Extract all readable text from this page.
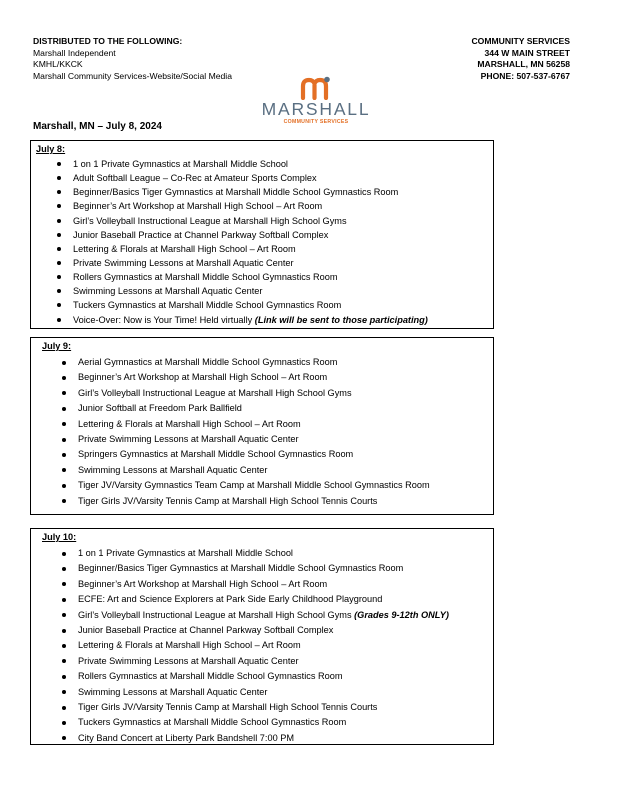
DISTRIBUTED TO THE FOLLOWING:
Marshall Independent
KMHL/KKCK
Marshall Community Services-Website/Social Media
COMMUNITY SERVICES
344 W MAIN STREET
MARSHALL, MN 56258
PHONE: 507-537-6767
MARSHALL
COMMUNITY SERVICES
Marshall, MN – July 8, 2024
July 8:
1 on 1 Private Gymnastics at Marshall Middle School
Adult Softball League – Co-Rec at Amateur Sports Complex
Beginner/Basics Tiger Gymnastics at Marshall Middle School Gymnastics Room
Beginner’s Art Workshop at Marshall High School – Art Room
Girl’s Volleyball Instructional League at Marshall High School Gyms
Junior Baseball Practice at Channel Parkway Softball Complex
Lettering & Florals at Marshall High School – Art Room
Private Swimming Lessons at Marshall Aquatic Center
Rollers Gymnastics at Marshall Middle School Gymnastics Room
Swimming Lessons at Marshall Aquatic Center
Tuckers Gymnastics at Marshall Middle School Gymnastics Room
Voice-Over: Now is Your Time! Held virtually (Link will be sent to those participating)
July 9:
Aerial Gymnastics at Marshall Middle School Gymnastics Room
Beginner’s Art Workshop at Marshall High School – Art Room
Girl’s Volleyball Instructional League at Marshall High School Gyms
Junior Softball at Freedom Park Ballfield
Lettering & Florals at Marshall High School – Art Room
Private Swimming Lessons at Marshall Aquatic Center
Springers Gymnastics at Marshall Middle School Gymnastics Room
Swimming Lessons at Marshall Aquatic Center
Tiger JV/Varsity Gymnastics Team Camp at Marshall Middle School Gymnastics Room
Tiger Girls JV/Varsity Tennis Camp at Marshall High School Tennis Courts
July 10:
1 on 1 Private Gymnastics at Marshall Middle School
Beginner/Basics Tiger Gymnastics at Marshall Middle School Gymnastics Room
Beginner’s Art Workshop at Marshall High School – Art Room
ECFE: Art and Science Explorers at Park Side Early Childhood Playground
Girl’s Volleyball Instructional League at Marshall High School Gyms (Grades 9-12th ONLY)
Junior Baseball Practice at Channel Parkway Softball Complex
Lettering & Florals at Marshall High School – Art Room
Private Swimming Lessons at Marshall Aquatic Center
Rollers Gymnastics at Marshall Middle School Gymnastics Room
Swimming Lessons at Marshall Aquatic Center
Tiger Girls JV/Varsity Tennis Camp at Marshall High School Tennis Courts
Tuckers Gymnastics at Marshall Middle School Gymnastics Room
City Band Concert at Liberty Park Bandshell 7:00 PM
